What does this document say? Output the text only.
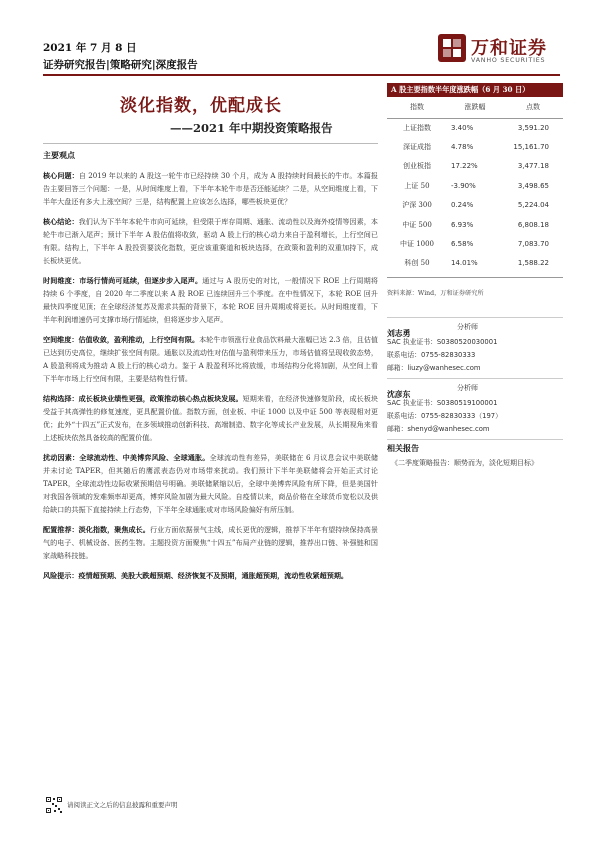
2021 年 7 月 8 日
证券研究报告|策略研究|深度报告
万和证券
VANHO SECURITIES
淡化指数，优配成长
——2021 年中期投资策略报告
主要观点
核心问题：自 2019 年以来的 A 股这一轮牛市已经持续 30 个月，成为 A 股持续时间最长的牛市。本篇报告主要回答三个问题：一是，从时间维度上看，下半年本轮牛市是否还能延续？二是，从空间维度上看，下半年大盘还有多大上涨空间？三是，结构配置上应该怎么选择，哪些板块更优？
核心结论：我们认为下半年本轮牛市向可延续，但受限于库存周期、通胀、流动性以及海外疫情等因素，本轮牛市已渐入尾声；预计下半年 A 股估值将收敛，驱动 A 股上行的核心动力来自于盈利增长，上行空间已有限。结构上，下半年 A 股投资要淡化指数，更应该重赛道和板块选择，在政策和盈利的双重加持下，成长板块更优。
时间维度：市场行情尚可延续，但逐步步入尾声。通过与 A 股历史的对比，一般情况下 ROE 上行周期将持续 6 个季度，自 2020 年二季度以来 A 股 ROE 已连续回升三个季度。在中性情况下，本轮 ROE 回升最快四季度见顶；在全球经济复苏及需求共振的背景下，本轮 ROE 回升周期或将更长。从时间维度看，下半年利润增速仍可支撑市场行情延续，但将逐步步入尾声。
空间维度：估值收敛，盈利推动，上行空间有限。本轮牛市领涨行业食品饮料最大涨幅已达 2.3 倍，且估值已达到历史高位，继续扩张空间有限。通胀以及流动性对估值与盈利带来压力，市场估值将呈现收敛态势，A 股盈利将成为推动 A 股上行的核心动力。鉴于 A 股盈利环比将放缓，市场结构分化将加剧，从空间上看下半年市场上行空间有限，主要是结构性行情。
结构选择：成长板块业绩性更强，政策推动核心热点板块发展。短期来看，在经济快速修复阶段，成长板块受益于其高弹性的修复速度，更具配置价值。指数方面，创业板、中证 1000 以及中证 500 等表现相对更优；此外“十四五”正式发布，在多领域推动创新科技、高端制造、数字化等成长产业发展，从长期视角来看上述板块依然具备较高的配置价值。
扰动因素：全球流动性、中美博弈风险、全球通胀。全球流动性有差异，美联储在 6 月议息会议中美联储并未讨论 TAPER，但其随后的鹰派表态仍对市场带来扰动。我们预计下半年美联储将会开始正式讨论 TAPER，全球流动性边际收紧预期信号明确。美联储紧缩以后，全球中美博弈风险有所下降，但是美国针对我国各领域的发难频率却更高，博弈风险加剧为最大风险。自疫情以来，商品价格在全球货币宽松以及供给缺口的共振下直接持续上行态势，下半年全球通胀或对市场风险偏好有所压制。
配置推荐：淡化指数，聚焦成长。行业方面依据景气主线，成长更优的逻辑，推荐下半年有望持续保持高景气的电子、机械设备、医药生物。主题投资方面聚焦“十四五”布局产业链的逻辑，推荐出口链、补强链和国家战略科技链。
风险提示：疫情超预期、美股大跌超预期、经济恢复不及预期，通胀超预期，流动性收紧超预期。
A 股主要指数半年度涨跌幅（6 月 30 日）
指数	涨跌幅	点数
上证指数	3.40%	3,591.20
深证成指	4.78%	15,161.70
创业板指	17.22%	3,477.18
上证 50	-3.90%	3,498.65
沪深 300	0.24%	5,224.04
中证 500	6.93%	6,808.18
中证 1000	6.58%	7,083.70
科创 50	14.01%	1,588.22
资料来源：Wind，万和证券研究所
刘志勇
分析师
SAC 执业证书：S0380520030001
联系电话：0755-82830333
邮箱：liuzy@wanhesec.com
沈彦东
分析师
SAC 执业证书：S0380519100001
联系电话：0755-82830333（197）
邮箱：shenyd@wanhesec.com
相关报告
《二季度策略报告：顺势而为，淡化短期目标》
请阅读正文之后的信息披露和重要声明
